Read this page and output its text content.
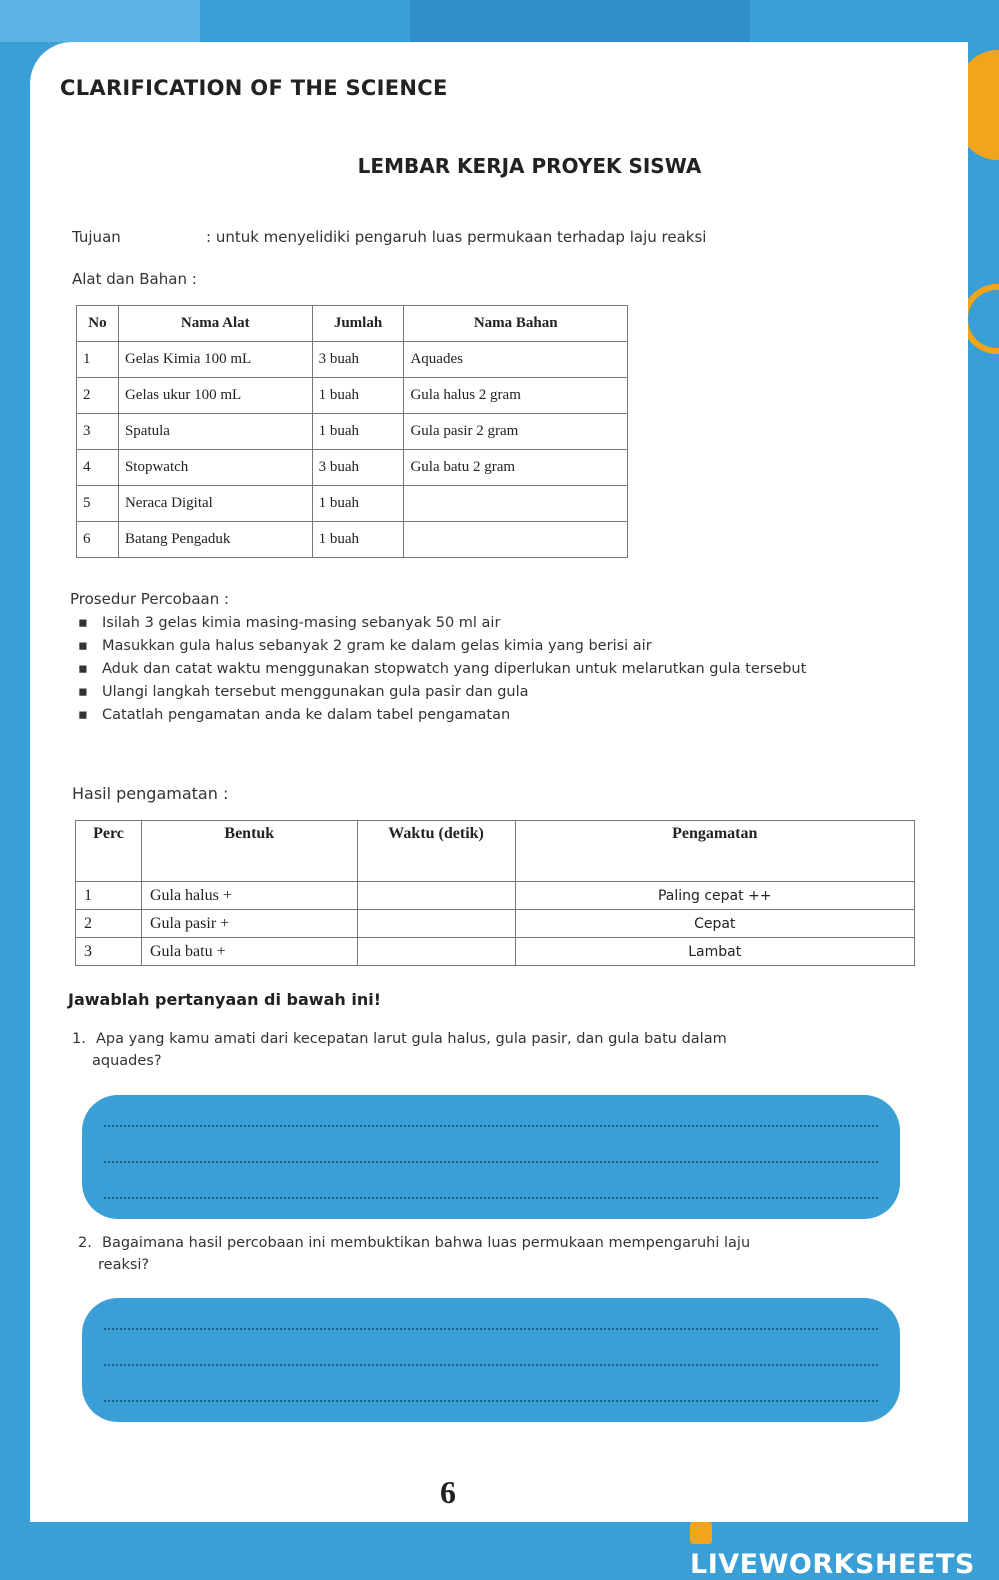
CLARIFICATION OF THE SCIENCE
LEMBAR KERJA PROYEK SISWA
Tujuan	: untuk menyelidiki pengaruh luas permukaan terhadap laju reaksi
Alat dan Bahan :
No	Nama Alat	Jumlah	Nama Bahan
1	Gelas Kimia 100 mL	3 buah	Aquades
2	Gelas ukur 100 mL	1 buah	Gula halus 2 gram
3	Spatula	1 buah	Gula pasir 2 gram
4	Stopwatch	3 buah	Gula batu 2 gram
5	Neraca Digital	1 buah	
6	Batang Pengaduk	1 buah	
Prosedur Percobaan :
▪ Isilah 3 gelas kimia masing-masing sebanyak 50 ml air
▪ Masukkan gula halus sebanyak 2 gram ke dalam gelas kimia yang berisi air
▪ Aduk dan catat waktu menggunakan stopwatch yang diperlukan untuk melarutkan gula tersebut
▪ Ulangi langkah tersebut menggunakan gula pasir dan gula
▪ Catatlah pengamatan anda ke dalam tabel pengamatan
Hasil pengamatan :
Perc	Bentuk	Waktu (detik)	Pengamatan
1	Gula halus +		Paling cepat ++
2	Gula pasir +		Cepat
3	Gula batu +		Lambat
Jawablah pertanyaan di bawah ini!
1. Apa yang kamu amati dari kecepatan larut gula halus, gula pasir, dan gula batu dalam
aquades?
2. Bagaimana hasil percobaan ini membuktikan bahwa luas permukaan mempengaruhi laju
reaksi?
6
LIVEWORKSHEETS
